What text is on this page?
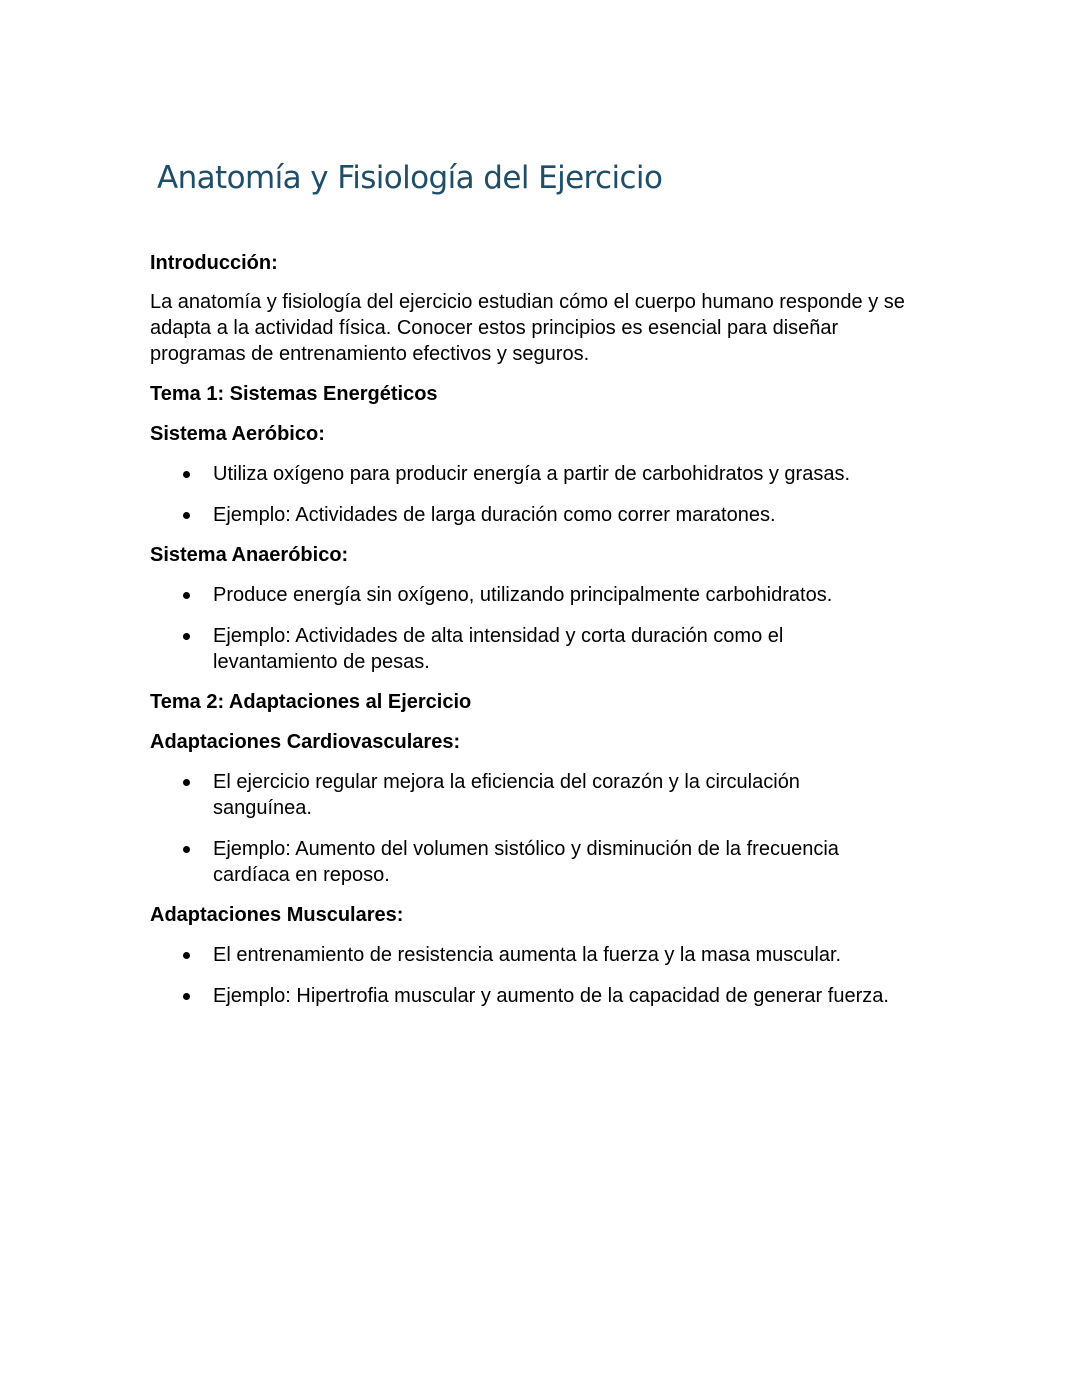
Anatomía y Fisiología del Ejercicio

Introducción:

La anatomía y fisiología del ejercicio estudian cómo el cuerpo humano responde y se adapta a la actividad física. Conocer estos principios es esencial para diseñar programas de entrenamiento efectivos y seguros.

Tema 1: Sistemas Energéticos

Sistema Aeróbico:

Utiliza oxígeno para producir energía a partir de carbohidratos y grasas.
Ejemplo: Actividades de larga duración como correr maratones.

Sistema Anaeróbico:

Produce energía sin oxígeno, utilizando principalmente carbohidratos.
Ejemplo: Actividades de alta intensidad y corta duración como el levantamiento de pesas.

Tema 2: Adaptaciones al Ejercicio

Adaptaciones Cardiovasculares:

El ejercicio regular mejora la eficiencia del corazón y la circulación sanguínea.
Ejemplo: Aumento del volumen sistólico y disminución de la frecuencia cardíaca en reposo.

Adaptaciones Musculares:

El entrenamiento de resistencia aumenta la fuerza y la masa muscular.
Ejemplo: Hipertrofia muscular y aumento de la capacidad de generar fuerza.
